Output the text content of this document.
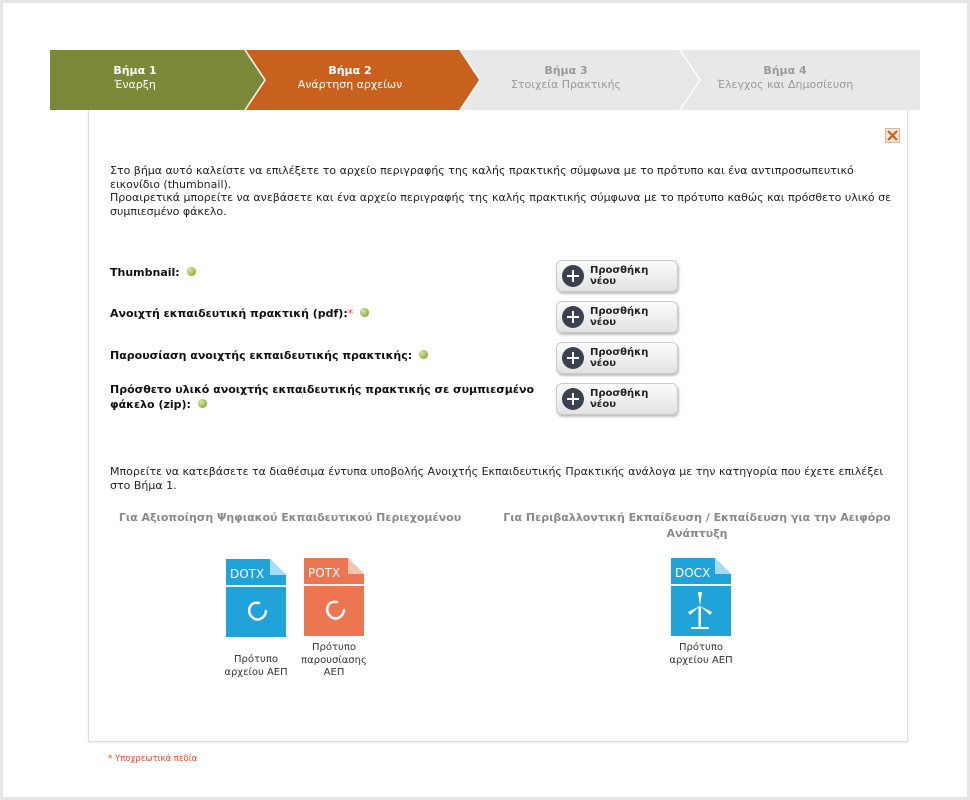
Βήμα 1
Έναρξη
Βήμα 2
Ανάρτηση αρχείων
Βήμα 3
Στοιχεία Πρακτικής
Βήμα 4
Έλεγχος και Δημοσίευση

Στο βήμα αυτό καλείστε να επιλέξετε το αρχείο περιγραφής της καλής πρακτικής σύμφωνα με το πρότυπο και ένα αντιπροσωπευτικό εικονίδιο (thumbnail).

Προαιρετικά μπορείτε να ανεβάσετε και ένα αρχείο περιγραφής της καλής πρακτικής σύμφωνα με το πρότυπο καθώς και πρόσθετο υλικό σε συμπιεσμένο φάκελο.

Thumbnail:	Προσθήκη νέου
Ανοιχτή εκπαιδευτική πρακτική (pdf):*	Προσθήκη νέου
Παρουσίαση ανοιχτής εκπαιδευτικής πρακτικής:	Προσθήκη νέου
Πρόσθετο υλικό ανοιχτής εκπαιδευτικής πρακτικής σε συμπιεσμένο φάκελο (zip):
Προσθήκη νέου
Μπορείτε να κατεβάσετε τα διαθέσιμα έντυπα υποβολής Ανοιχτής Εκπαιδευτικής Πρακτικής ανάλογα με την κατηγορία που έχετε επιλέξει στο Βήμα 1.
Για Αξιοποίηση Ψηφιακού Εκπαιδευτικού Περιεχομένου
DOTX
Πρότυπο αρχείου ΑΕΠ
POTX
Πρότυπο παρουσίασης ΑΕΠ
Για Περιβαλλοντική Εκπαίδευση / Εκπαίδευση για την Αειφόρο Ανάπτυξη
DOCX
Πρότυπο αρχείου ΑΕΠ
* Υποχρεωτικά πεδία
